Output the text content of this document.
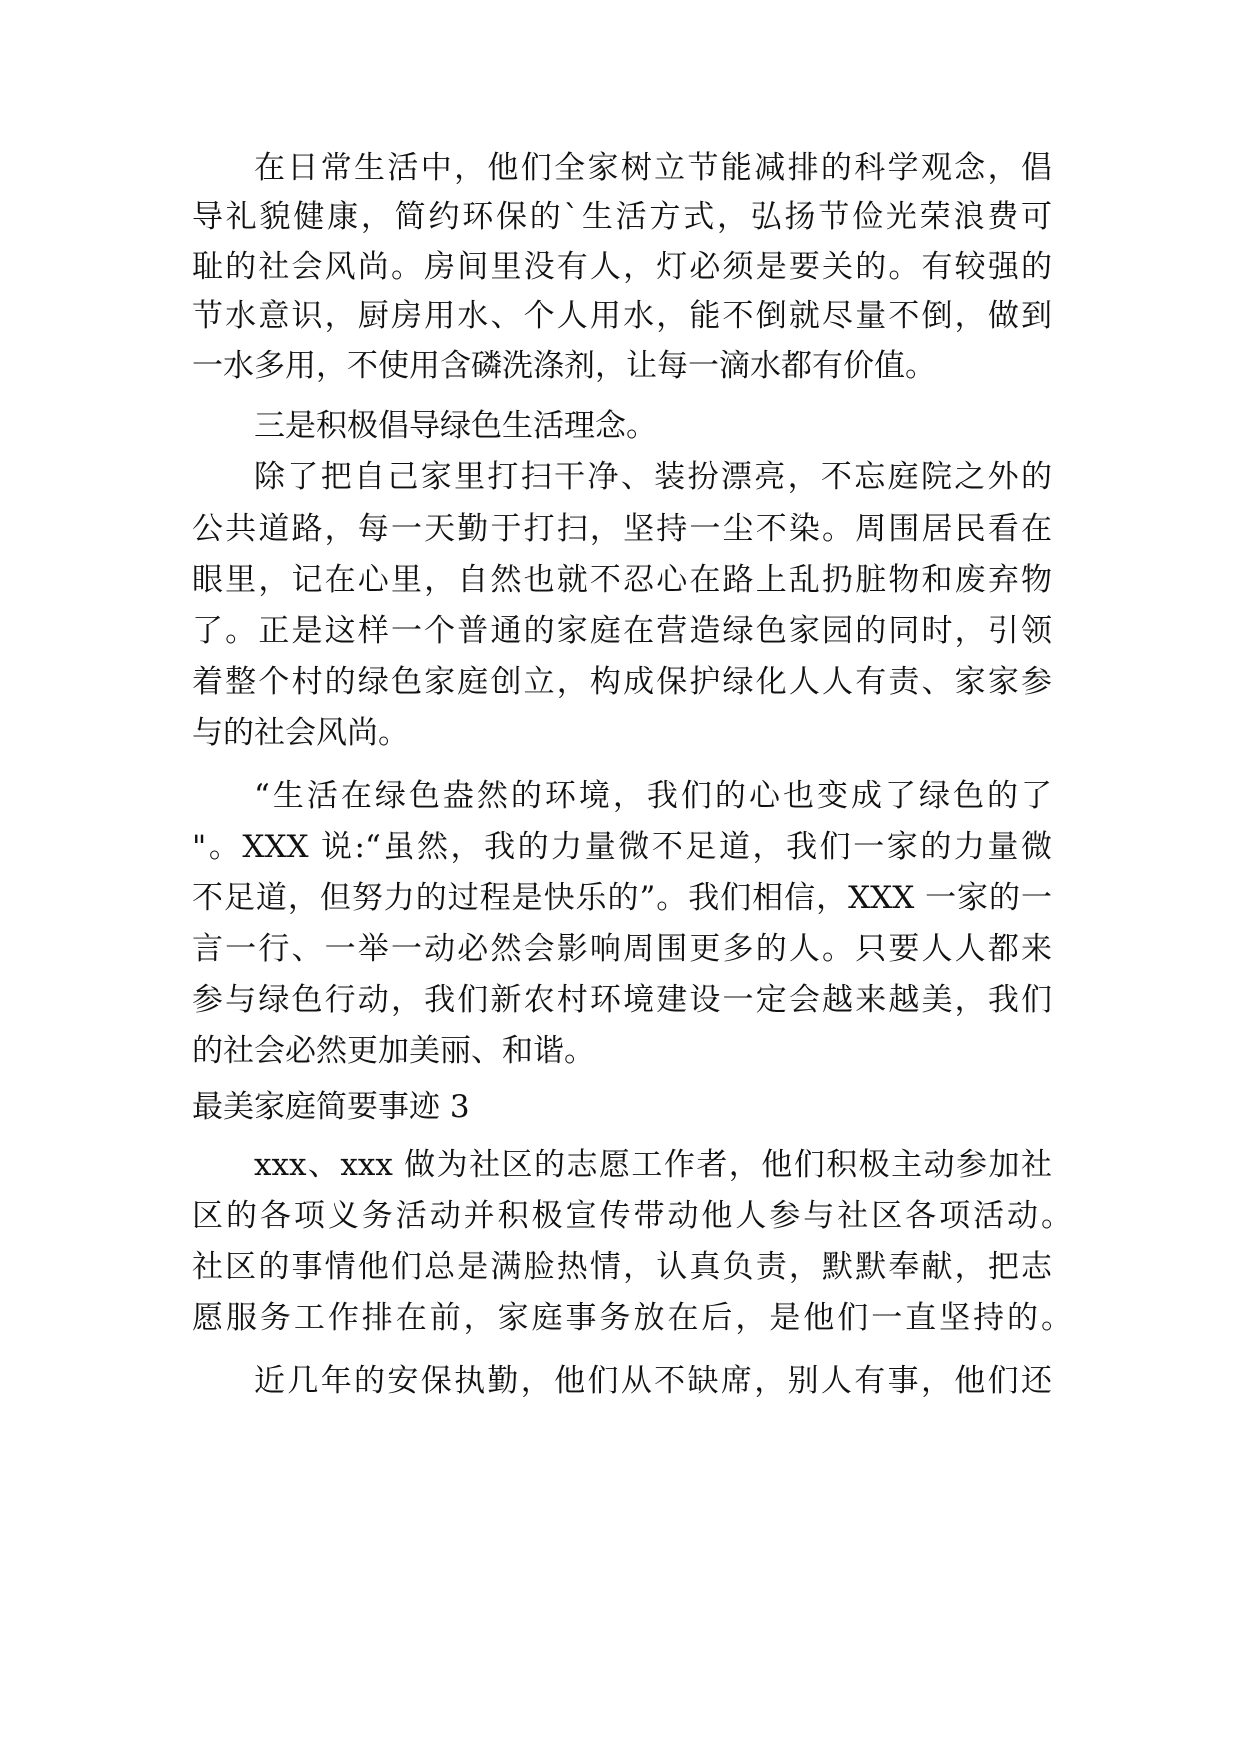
在日常生活中，他们全家树立节能减排的科学观念，倡
导礼貌健康，简约环保的`生活方式，弘扬节俭光荣浪费可
耻的社会风尚。房间里没有人，灯必须是要关的。有较强的
节水意识，厨房用水、个人用水，能不倒就尽量不倒，做到
一水多用，不使用含磷洗涤剂，让每一滴水都有价值。
三是积极倡导绿色生活理念。
除了把自己家里打扫干净、装扮漂亮，不忘庭院之外的
公共道路，每一天勤于打扫，坚持一尘不染。周围居民看在
眼里，记在心里，自然也就不忍心在路上乱扔脏物和废弃物
了。正是这样一个普通的家庭在营造绿色家园的同时，引领
着整个村的绿色家庭创立，构成保护绿化人人有责、家家参
与的社会风尚。
“生活在绿色盎然的环境，我们的心也变成了绿色的了
"。XXX 说:“虽然，我的力量微不足道，我们一家的力量微
不足道，但努力的过程是快乐的”。我们相信，XXX 一家的一
言一行、一举一动必然会影响周围更多的人。只要人人都来
参与绿色行动，我们新农村环境建设一定会越来越美，我们
的社会必然更加美丽、和谐。
最美家庭简要事迹 3
xxx、xxx 做为社区的志愿工作者，他们积极主动参加社
区的各项义务活动并积极宣传带动他人参与社区各项活动。
社区的事情他们总是满脸热情，认真负责，默默奉献，把志
愿服务工作排在前，家庭事务放在后，是他们一直坚持的。
近几年的安保执勤，他们从不缺席，别人有事，他们还
